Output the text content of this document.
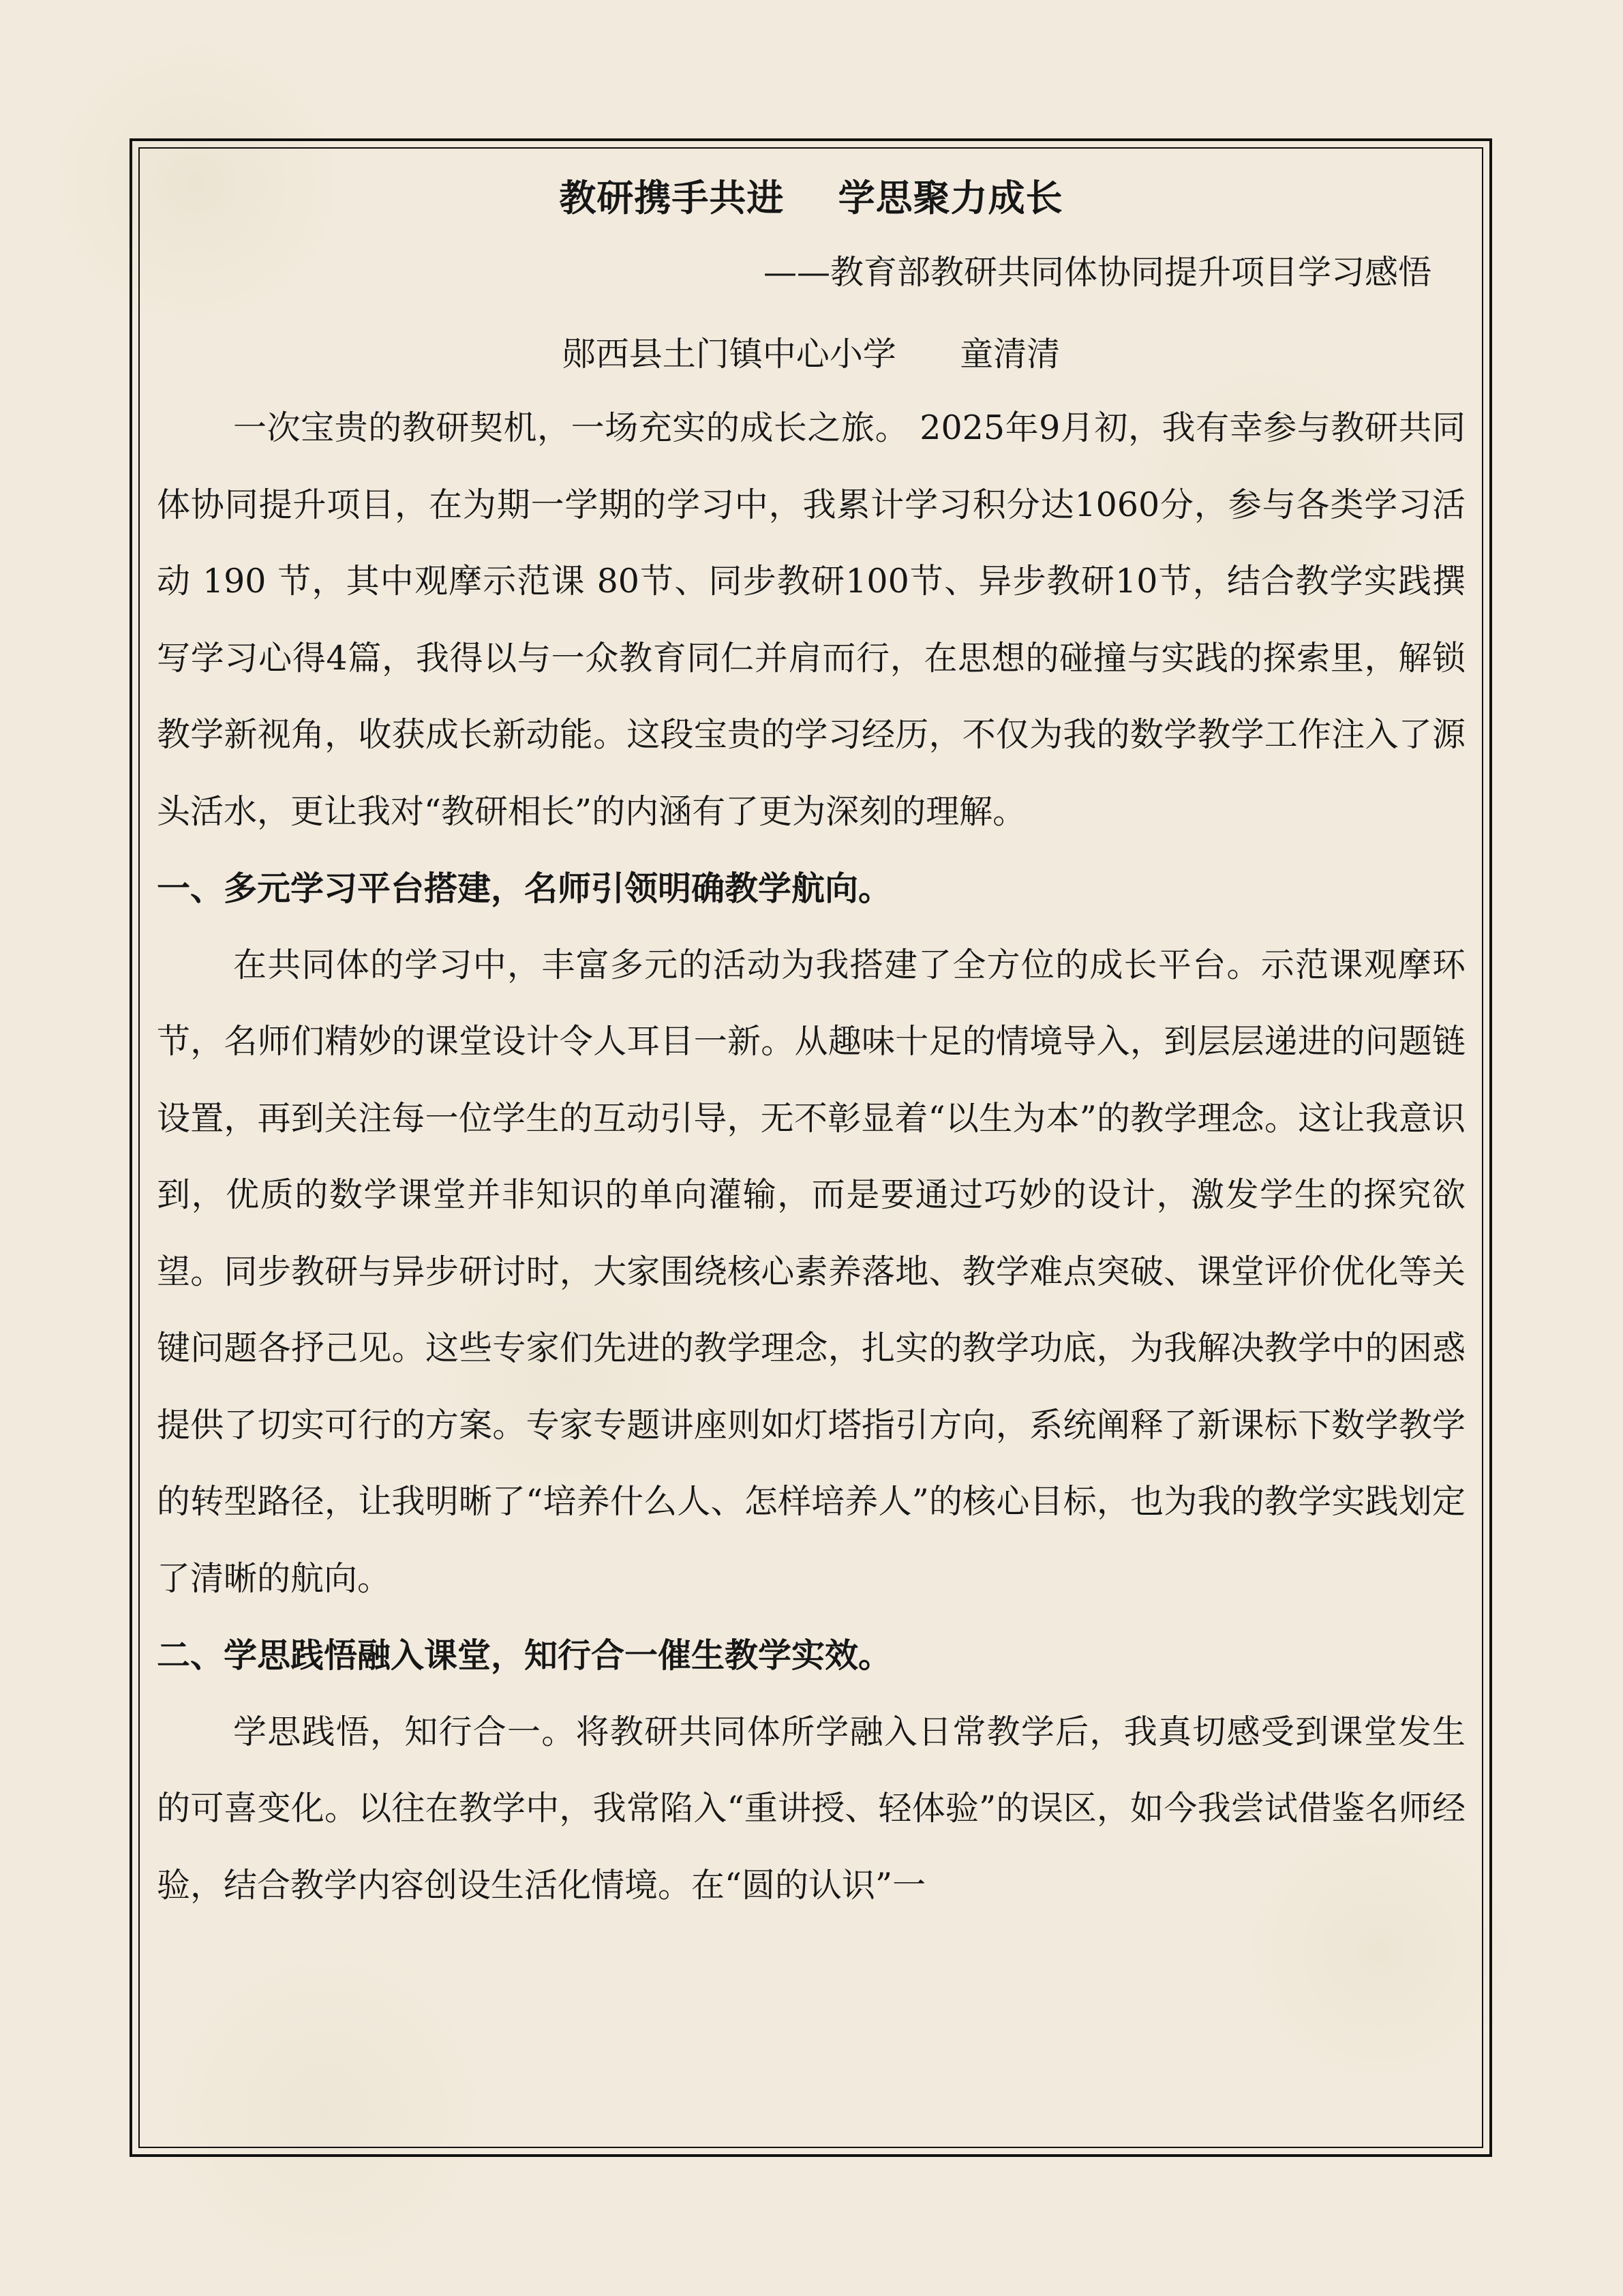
教研携手共进    学思聚力成长
——教育部教研共同体协同提升项目学习感悟
郧西县土门镇中心小学      童清清

一次宝贵的教研契机，一场充实的成长之旅。 2025年9月初，我有幸参与教研共同体协同提升项目，在为期一学期的学习中，我累计学习积分达1060分，参与各类学习活动 190 节，其中观摩示范课 80节、同步教研100节、异步教研10节，结合教学实践撰写学习心得4篇，我得以与一众教育同仁并肩而行，在思想的碰撞与实践的探索里，解锁教学新视角，收获成长新动能。这段宝贵的学习经历，不仅为我的数学教学工作注入了源头活水，更让我对“教研相长”的内涵有了更为深刻的理解。

一、多元学习平台搭建，名师引领明确教学航向。

在共同体的学习中，丰富多元的活动为我搭建了全方位的成长平台。示范课观摩环节，名师们精妙的课堂设计令人耳目一新。从趣味十足的情境导入，到层层递进的问题链设置，再到关注每一位学生的互动引导，无不彰显着“以生为本”的教学理念。这让我意识到，优质的数学课堂并非知识的单向灌输，而是要通过巧妙的设计，激发学生的探究欲望。同步教研与异步研讨时，大家围绕核心素养落地、教学难点突破、课堂评价优化等关键问题各抒己见。这些专家们先进的教学理念，扎实的教学功底，为我解决教学中的困惑提供了切实可行的方案。专家专题讲座则如灯塔指引方向，系统阐释了新课标下数学教学的转型路径，让我明晰了“培养什么人、怎样培养人”的核心目标，也为我的教学实践划定了清晰的航向。

二、学思践悟融入课堂，知行合一催生教学实效。

学思践悟，知行合一。将教研共同体所学融入日常教学后，我真切感受到课堂发生的可喜变化。以往在教学中，我常陷入“重讲授、轻体验”的误区，如今我尝试借鉴名师经验，结合教学内容创设生活化情境。在“圆的认识”一
